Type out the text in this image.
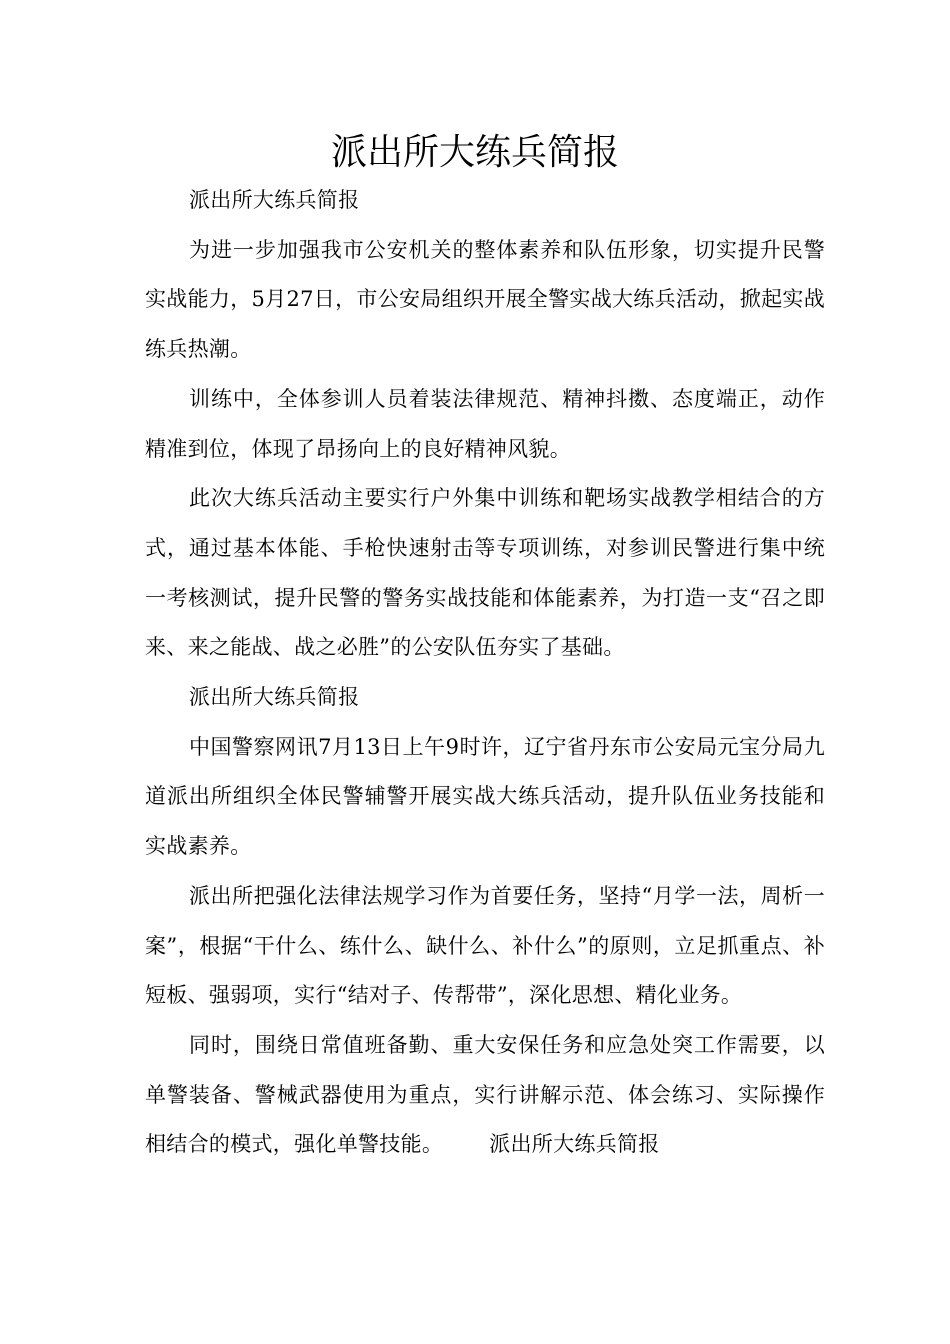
派出所大练兵简报

派出所大练兵简报

为进一步加强我市公安机关的整体素养和队伍形象，切实提升民警实战能力，5月27日，市公安局组织开展全警实战大练兵活动，掀起实战练兵热潮。

训练中，全体参训人员着装法律规范、精神抖擞、态度端正，动作精准到位，体现了昂扬向上的良好精神风貌。

此次大练兵活动主要实行户外集中训练和靶场实战教学相结合的方式，通过基本体能、手枪快速射击等专项训练，对参训民警进行集中统一考核测试，提升民警的警务实战技能和体能素养，为打造一支“召之即来、来之能战、战之必胜”的公安队伍夯实了基础。

派出所大练兵简报

中国警察网讯7月13日上午9时许，辽宁省丹东市公安局元宝分局九道派出所组织全体民警辅警开展实战大练兵活动，提升队伍业务技能和实战素养。

派出所把强化法律法规学习作为首要任务，坚持“月学一法，周析一案”，根据“干什么、练什么、缺什么、补什么”的原则，立足抓重点、补短板、强弱项，实行“结对子、传帮带”，深化思想、精化业务。

同时，围绕日常值班备勤、重大安保任务和应急处突工作需要，以单警装备、警械武器使用为重点，实行讲解示范、体会练习、实际操作相结合的模式，强化单警技能。 派出所大练兵简报
